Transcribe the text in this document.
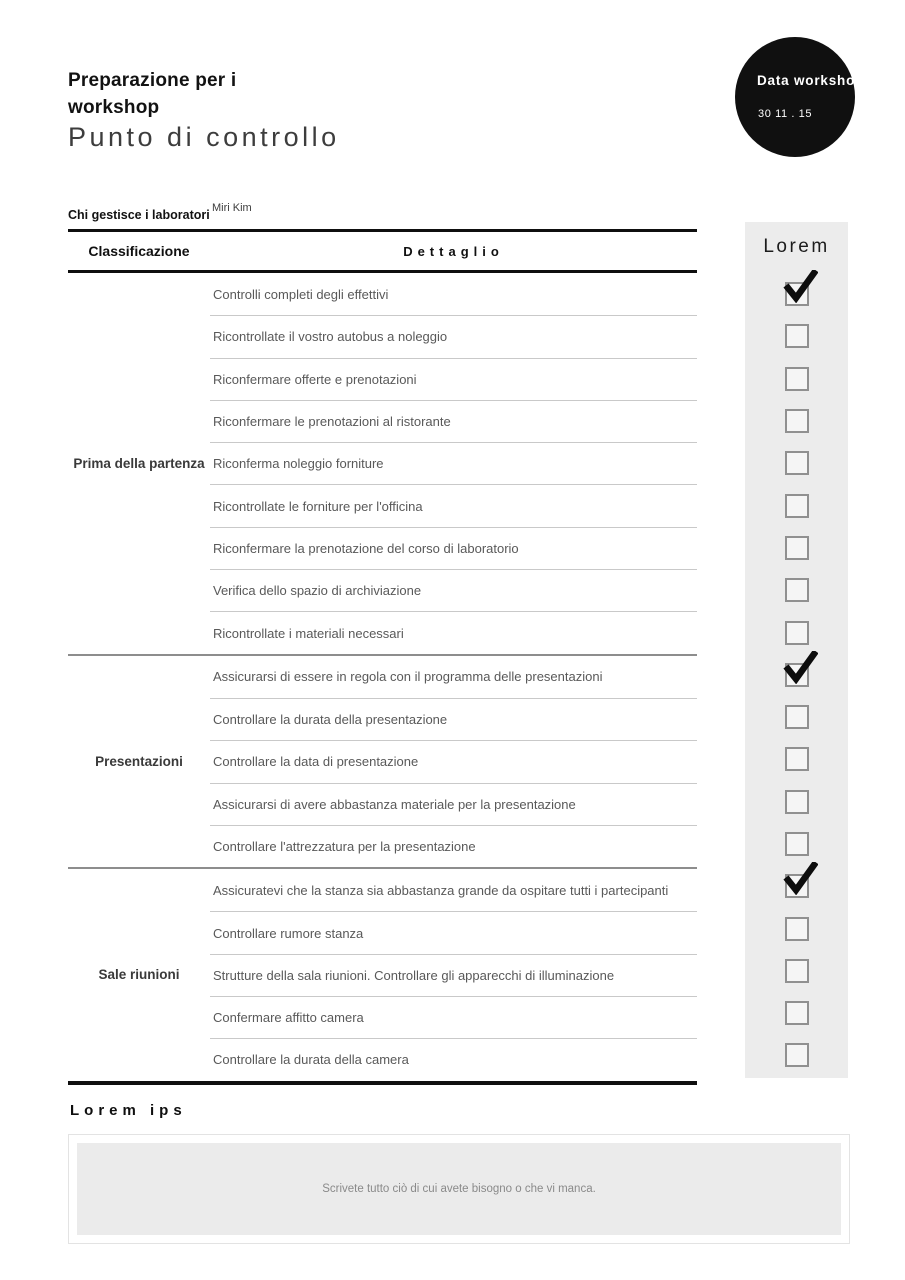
Preparazione per i
workshop
Punto di controllo
Data workshop
30 11 . 15
Chi gestisce i laboratori Miri Kim
Classificazione	Dettaglio
Prima della partenza
Controlli completi degli effettivi
Ricontrollate il vostro autobus a noleggio
Riconfermare offerte e prenotazioni
Riconfermare le prenotazioni al ristorante
Riconferma noleggio forniture
Ricontrollate le forniture per l'officina
Riconfermare la prenotazione del corso di laboratorio
Verifica dello spazio di archiviazione
Ricontrollate i materiali necessari
Presentazioni
Assicurarsi di essere in regola con il programma delle presentazioni
Controllare la durata della presentazione
Controllare la data di presentazione
Assicurarsi di avere abbastanza materiale per la presentazione
Controllare l'attrezzatura per la presentazione
Sale riunioni
Assicuratevi che la stanza sia abbastanza grande da ospitare tutti i partecipanti
Controllare rumore stanza
Strutture della sala riunioni. Controllare gli apparecchi di illuminazione
Confermare affitto camera
Controllare la durata della camera
Lorem
Lorem ips
Scrivete tutto ciò di cui avete bisogno o che vi manca.
